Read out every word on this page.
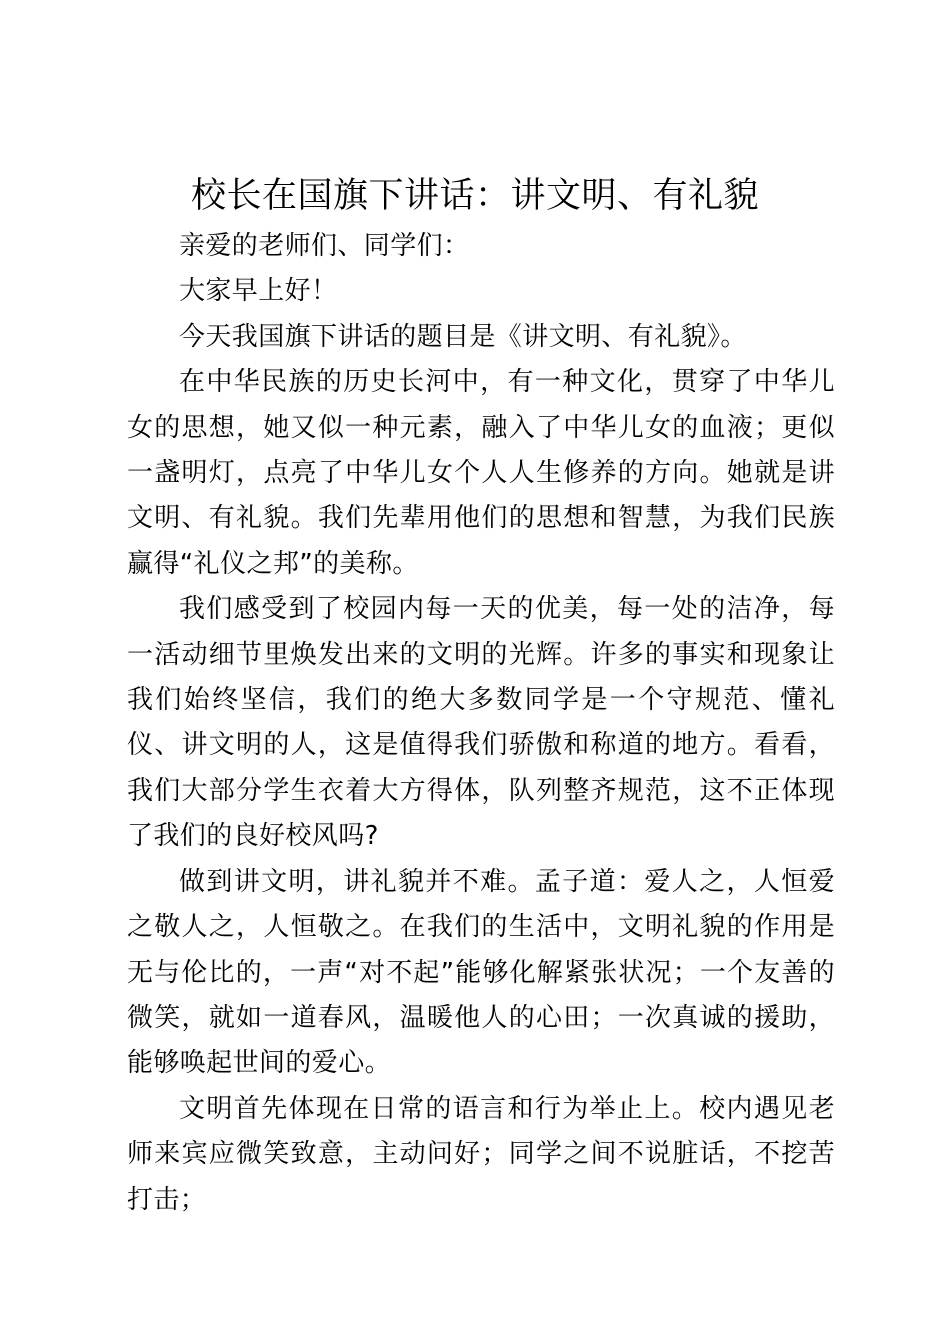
校长在国旗下讲话：讲文明、有礼貌

亲爱的老师们、同学们：

大家早上好！

今天我国旗下讲话的题目是《讲文明、有礼貌》。

在中华民族的历史长河中，有一种文化，贯穿了中华儿女的思想，她又似一种元素，融入了中华儿女的血液；更似一盏明灯，点亮了中华儿女个人人生修养的方向。她就是讲文明、有礼貌。我们先辈用他们的思想和智慧，为我们民族赢得“礼仪之邦”的美称。

我们感受到了校园内每一天的优美，每一处的洁净，每一活动细节里焕发出来的文明的光辉。许多的事实和现象让我们始终坚信，我们的绝大多数同学是一个守规范、懂礼仪、讲文明的人，这是值得我们骄傲和称道的地方。看看，我们大部分学生衣着大方得体，队列整齐规范，这不正体现了我们的良好校风吗?

做到讲文明，讲礼貌并不难。孟子道：爱人之，人恒爱之敬人之，人恒敬之。在我们的生活中，文明礼貌的作用是无与伦比的，一声“对不起”能够化解紧张状况；一个友善的微笑，就如一道春风，温暖他人的心田；一次真诚的援助，能够唤起世间的爱心。

文明首先体现在日常的语言和行为举止上。校内遇见老师来宾应微笑致意，主动问好；同学之间不说脏话，不挖苦打击；
